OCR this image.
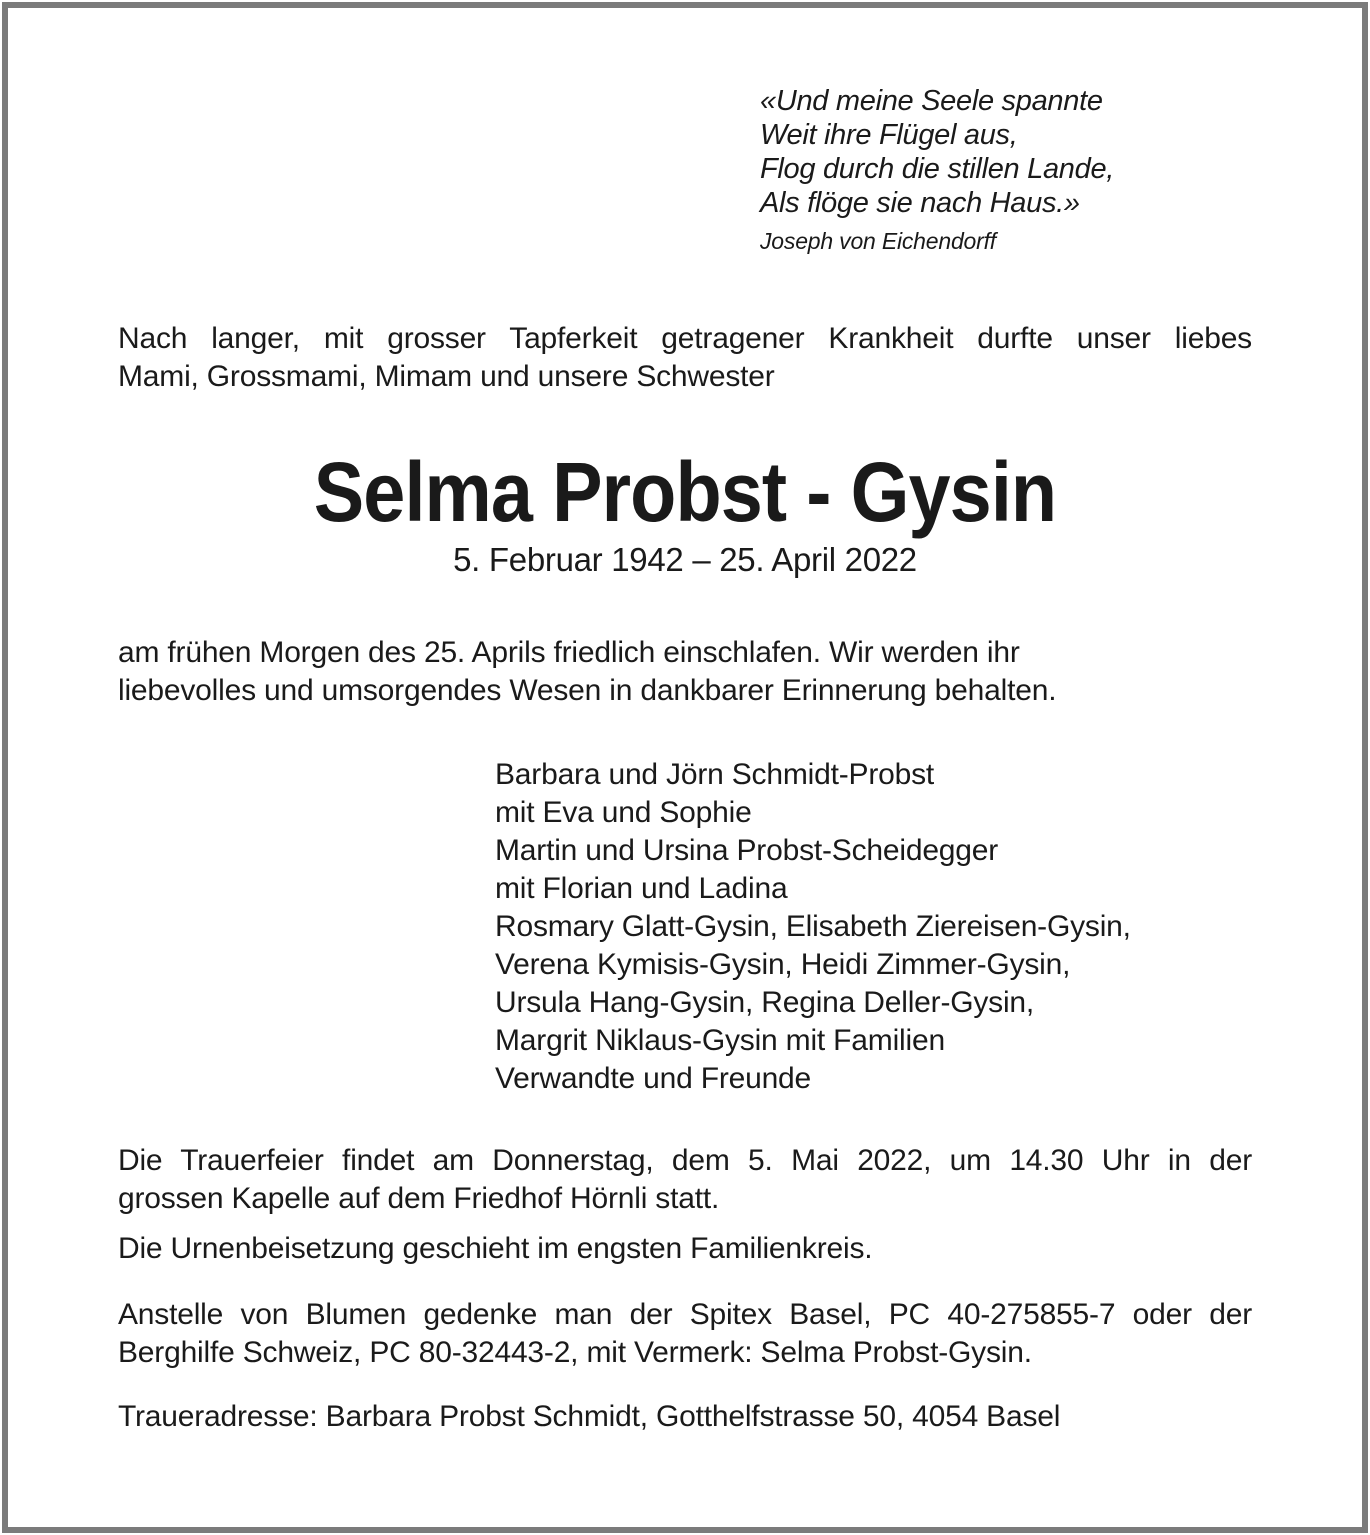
«Und meine Seele spannte
Weit ihre Flügel aus,
Flog durch die stillen Lande,
Als flöge sie nach Haus.»
Joseph von Eichendorff
Nach langer, mit grosser Tapferkeit getragener Krankheit durfte unser liebes
Mami, Grossmami, Mimam und unsere Schwester
Selma Probst - Gysin
5. Februar 1942 – 25. April 2022
am frühen Morgen des 25. Aprils friedlich einschlafen. Wir werden ihr
liebevolles und umsorgendes Wesen in dankbarer Erinnerung behalten.
Barbara und Jörn Schmidt-Probst
mit Eva und Sophie
Martin und Ursina Probst-Scheidegger
mit Florian und Ladina
Rosmary Glatt-Gysin, Elisabeth Ziereisen-Gysin,
Verena Kymisis-Gysin, Heidi Zimmer-Gysin,
Ursula Hang-Gysin, Regina Deller-Gysin,
Margrit Niklaus-Gysin mit Familien
Verwandte und Freunde
Die Trauerfeier findet am Donnerstag, dem 5. Mai 2022, um 14.30 Uhr in der
grossen Kapelle auf dem Friedhof Hörnli statt.
Die Urnenbeisetzung geschieht im engsten Familienkreis.
Anstelle von Blumen gedenke man der Spitex Basel, PC 40-275855-7 oder der
Berghilfe Schweiz, PC 80-32443-2, mit Vermerk: Selma Probst-Gysin.
Traueradresse: Barbara Probst Schmidt, Gotthelfstrasse 50, 4054 Basel
